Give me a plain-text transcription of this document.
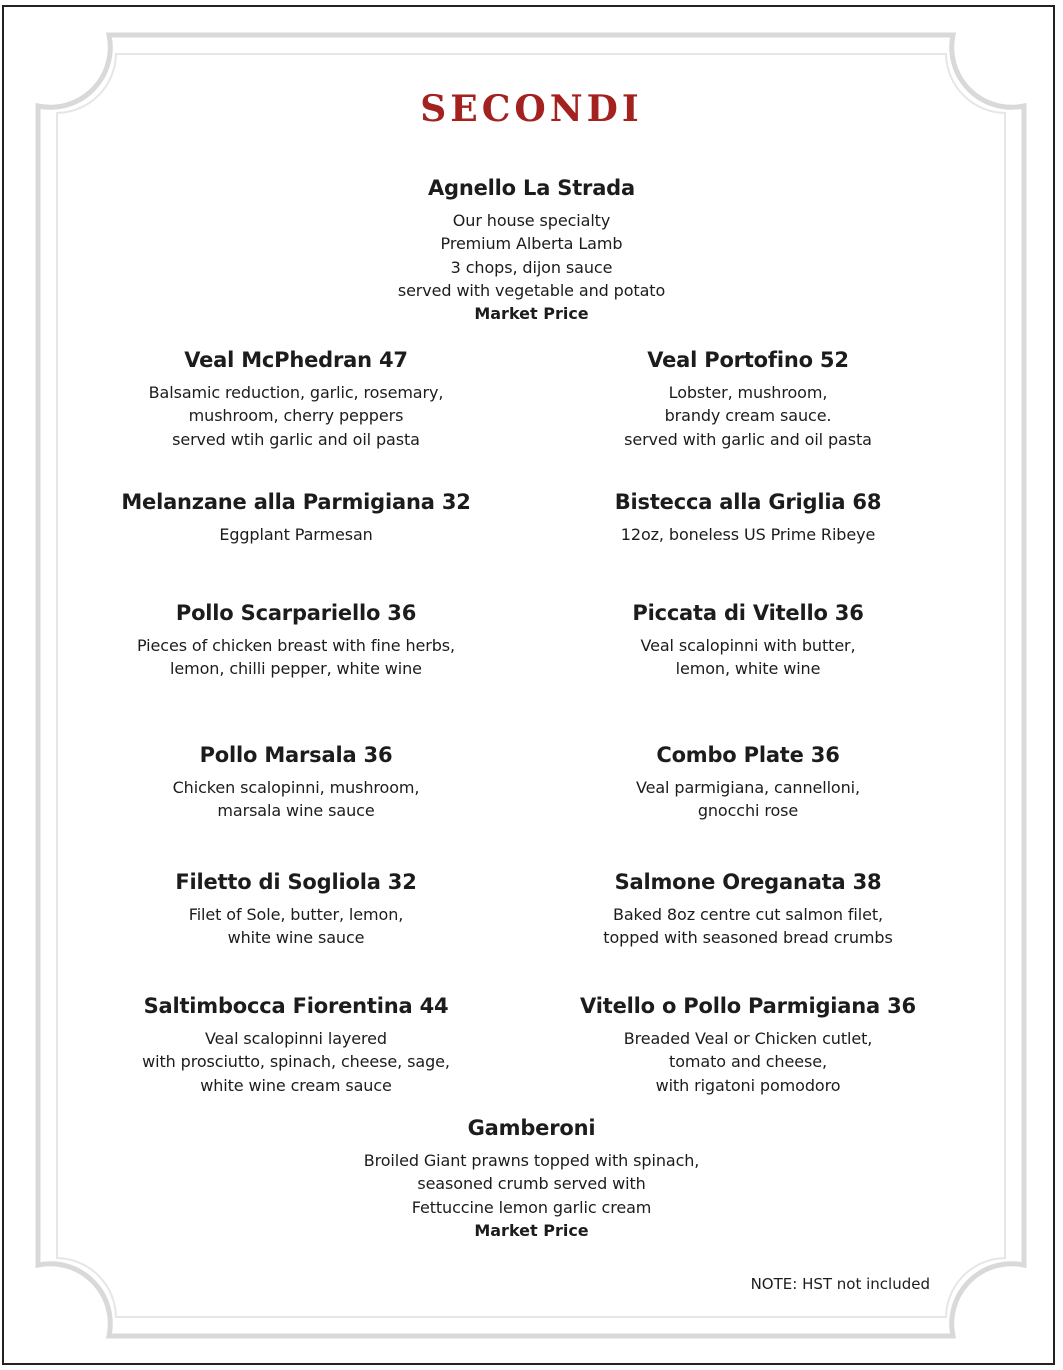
SECONDI

Agnello La Strada

Our house specialty

Premium Alberta Lamb

3 chops, dijon sauce

served with vegetable and potato

Market Price

Veal McPhedran 47

Balsamic reduction, garlic, rosemary,

mushroom, cherry peppers

served wtih garlic and oil pasta

Melanzane alla Parmigiana 32

Eggplant Parmesan

Pollo Scarpariello 36

Pieces of chicken breast with fine herbs,

lemon, chilli pepper, white wine

Pollo Marsala 36

Chicken scalopinni, mushroom,

marsala wine sauce

Filetto di Sogliola 32

Filet of Sole, butter, lemon,

white wine sauce

Saltimbocca Fiorentina 44

Veal scalopinni layered

with prosciutto, spinach, cheese, sage,

white wine cream sauce

Veal Portofino 52

Lobster, mushroom,

brandy cream sauce.

served with garlic and oil pasta

Bistecca alla Griglia 68

12oz, boneless US Prime Ribeye

Piccata di Vitello 36

Veal scalopinni with butter,

lemon, white wine

Combo Plate 36

Veal parmigiana, cannelloni,

gnocchi rose

Salmone Oreganata 38

Baked 8oz centre cut salmon filet,

topped with seasoned bread crumbs

Vitello o Pollo Parmigiana 36

Breaded Veal or Chicken cutlet,

tomato and cheese,

with rigatoni pomodoro

Gamberoni

Broiled Giant prawns topped with spinach,

seasoned crumb served with

Fettuccine lemon garlic cream

Market Price

NOTE: HST not included
